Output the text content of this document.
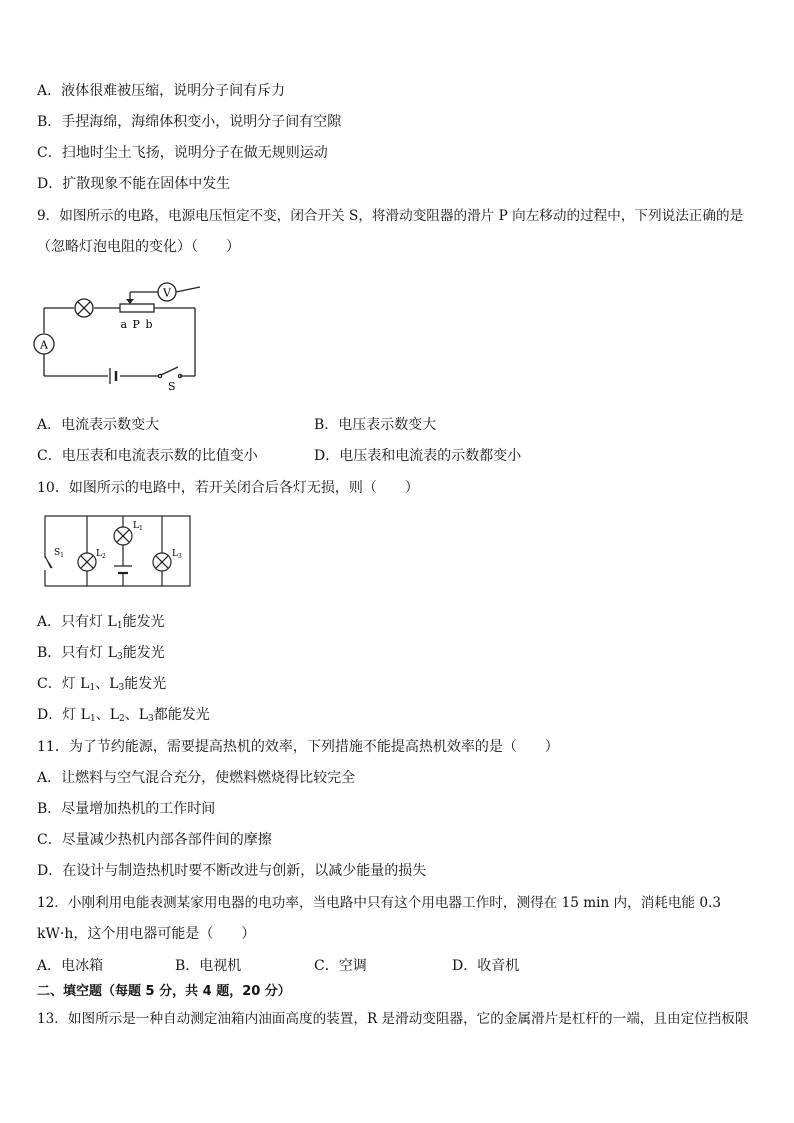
A．液体很难被压缩，说明分子间有斥力
B．手捏海绵，海绵体积变小，说明分子间有空隙
C．扫地时尘土飞扬，说明分子在做无规则运动
D．扩散现象不能在固体中发生
9．如图所示的电路，电源电压恒定不变，闭合开关 S，将滑动变阻器的滑片 P 向左移动的过程中，下列说法正确的是
（忽略灯泡电阻的变化）（　　）
V
A
a P b
S
A．电流表示数变大	B．电压表示数变大
C．电压表和电流表示数的比值变小	D．电压表和电流表的示数都变小
10．如图所示的电路中，若开关闭合后各灯无损，则（　　）
$S_1$	$L_2$
$L_1$
$L_3$
A．只有灯 $L_1$能发光
B．只有灯 $L_3$能发光
C．灯 $L_1$、$L_3$能发光
D．灯 $L_1$、$L_2$、$L_3$都能发光
11．为了节约能源，需要提高热机的效率，下列措施不能提高热机效率的是（　　）
A．让燃料与空气混合充分，使燃料燃烧得比较完全
B．尽量增加热机的工作时间
C．尽量减少热机内部各部件间的摩擦
D．在设计与制造热机时要不断改进与创新，以减少能量的损失
12．小刚利用电能表测某家用电器的电功率，当电路中只有这个用电器工作时，测得在 15 min 内，消耗电能 0.3
kW·h，这个用电器可能是（　　）
A．电冰箱	B．电视机	C．空调	D．收音机
二、填空题（每题 5 分，共 4 题，20 分）
13．如图所示是一种自动测定油箱内油面高度的装置，R 是滑动变阻器，它的金属滑片是杠杆的一端，且由定位挡板限
